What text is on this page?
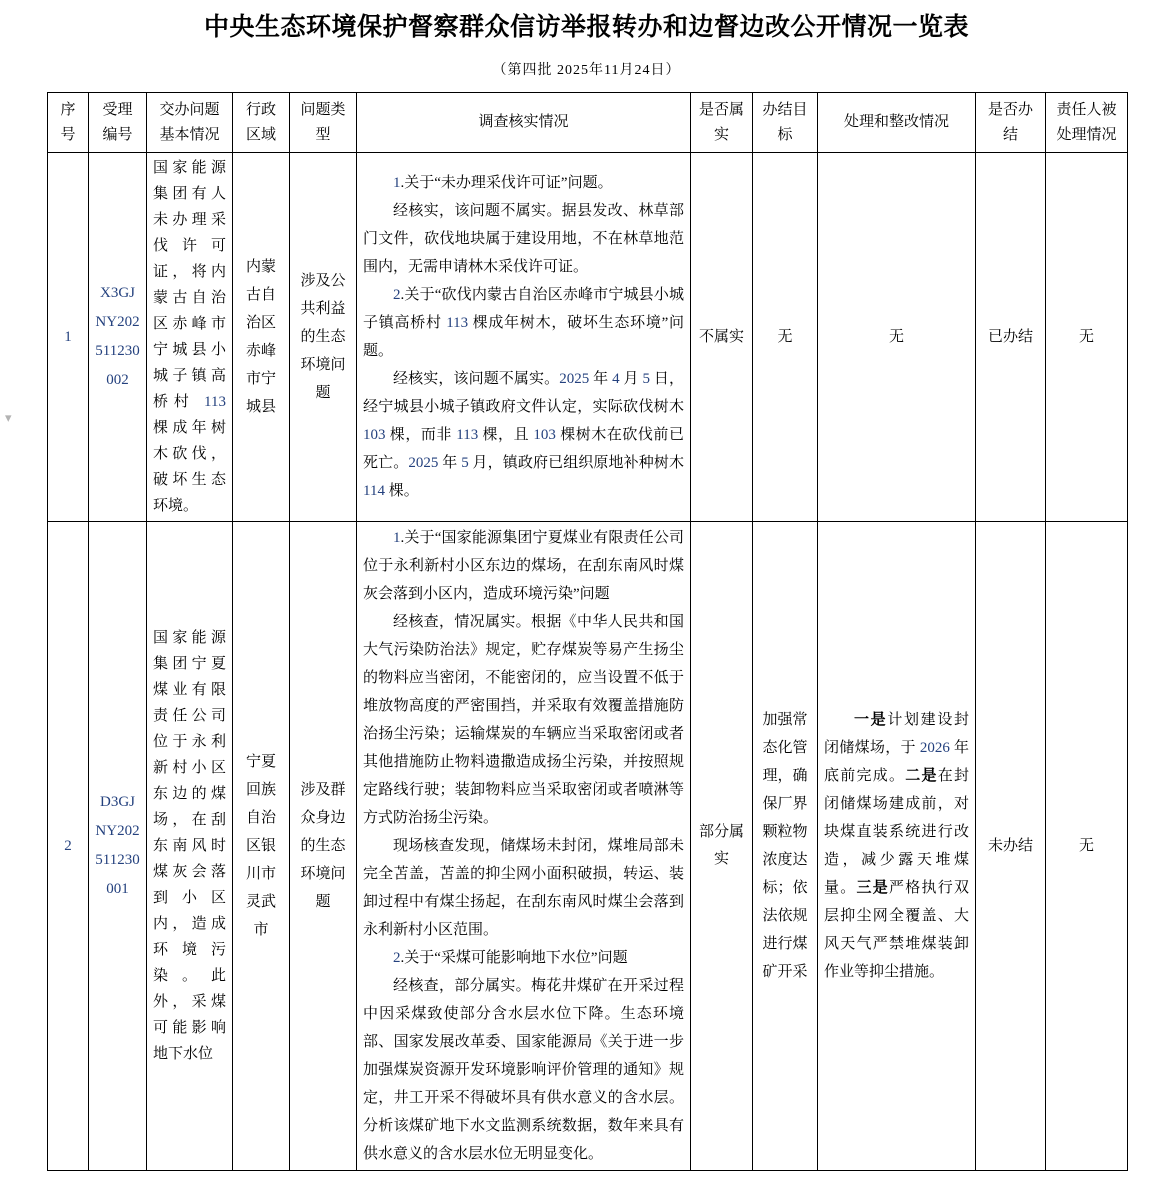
中央生态环境保护督察群众信访举报转办和边督边改公开情况一览表
（第四批 2025年11月24日）
▾
序号	受理编号	交办问题基本情况	行政区域	问题类型	调查核实情况	是否属实	办结目标	处理和整改情况	是否办结	责任人被处理情况
1	X3GJNY202511230002	国家能源集团有人未办理采伐许可证，将内蒙古自治区赤峰市宁城县小城子镇高桥村 113 棵成年树木砍伐，破坏生态环境。	内蒙古自治区赤峰市宁城县	涉及公共利益的生态环境问题	1.关于“未办理采伐许可证”问题。

经核实，该问题不属实。据县发改、林草部门文件，砍伐地块属于建设用地，不在林草地范围内，无需申请林木采伐许可证。

2.关于“砍伐内蒙古自治区赤峰市宁城县小城子镇高桥村 113 棵成年树木，破坏生态环境”问题。

经核实，该问题不属实。2025 年 4 月 5 日，经宁城县小城子镇政府文件认定，实际砍伐树木 103 棵，而非 113 棵，且 103 棵树木在砍伐前已死亡。2025 年 5 月，镇政府已组织原地补种树木 114 棵。	不属实	无	无	已办结	无
2	D3GJNY202511230001	国家能源集团宁夏煤业有限责任公司位于永利新村小区东边的煤场，在刮东南风时煤灰会落到小区内，造成环境污染。此外，采煤可能影响地下水位	宁夏回族自治区银川市灵武市	涉及群众身边的生态环境问题	1.关于“国家能源集团宁夏煤业有限责任公司位于永利新村小区东边的煤场，在刮东南风时煤灰会落到小区内，造成环境污染”问题

经核查，情况属实。根据《中华人民共和国大气污染防治法》规定，贮存煤炭等易产生扬尘的物料应当密闭，不能密闭的，应当设置不低于堆放物高度的严密围挡，并采取有效覆盖措施防治扬尘污染；运输煤炭的车辆应当采取密闭或者其他措施防止物料遗撒造成扬尘污染，并按照规定路线行驶；装卸物料应当采取密闭或者喷淋等方式防治扬尘污染。

现场核查发现，储煤场未封闭，煤堆局部未完全苫盖，苫盖的抑尘网小面积破损，转运、装卸过程中有煤尘扬起，在刮东南风时煤尘会落到永利新村小区范围。

2.关于“采煤可能影响地下水位”问题

经核查，部分属实。梅花井煤矿在开采过程中因采煤致使部分含水层水位下降。生态环境部、国家发展改革委、国家能源局《关于进一步加强煤炭资源开发环境影响评价管理的通知》规定，井工开采不得破坏具有供水意义的含水层。分析该煤矿地下水文监测系统数据，数年来具有供水意义的含水层水位无明显变化。	部分属实	加强常态化管理，确保厂界颗粒物浓度达标；依法依规进行煤矿开采	一是计划建设封闭储煤场，于 2026 年底前完成。二是在封闭储煤场建成前，对块煤直装系统进行改造，减少露天堆煤量。三是严格执行双层抑尘网全覆盖、大风天气严禁堆煤装卸作业等抑尘措施。	未办结	无
